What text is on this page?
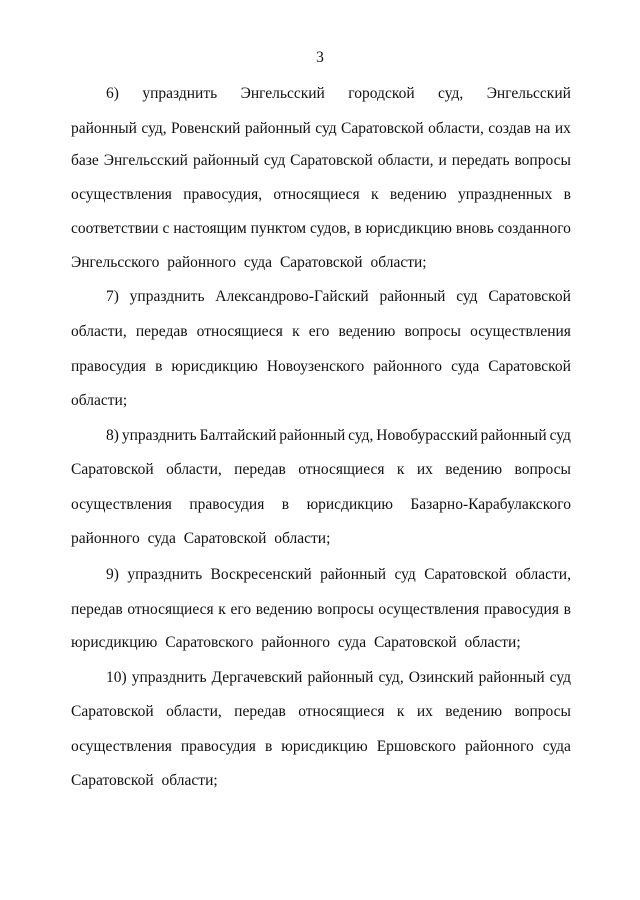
3
6) упразднить Энгельсский городской суд, Энгельсский
районный суд, Ровенский районный суд Саратовской области, создав на их
базе Энгельсский районный суд Саратовской области, и передать вопросы
осуществления правосудия, относящиеся к ведению упраздненных в
соответствии с настоящим пунктом судов, в юрисдикцию вновь созданного
Энгельсского районного суда Саратовской области;
7) упразднить Александрово-Гайский районный суд Саратовской
области, передав относящиеся к его ведению вопросы осуществления
правосудия в юрисдикцию Новоузенского районного суда Саратовской
области;
8) упразднить Балтайский районный суд, Новобурасский районный суд
Саратовской области, передав относящиеся к их ведению вопросы
осуществления правосудия в юрисдикцию Базарно-Карабулакского
районного суда Саратовской области;
9) упразднить Воскресенский районный суд Саратовской области,
передав относящиеся к его ведению вопросы осуществления правосудия в
юрисдикцию Саратовского районного суда Саратовской области;
10) упразднить Дергачевский районный суд, Озинский районный суд
Саратовской области, передав относящиеся к их ведению вопросы
осуществления правосудия в юрисдикцию Ершовского районного суда
Саратовской области;
